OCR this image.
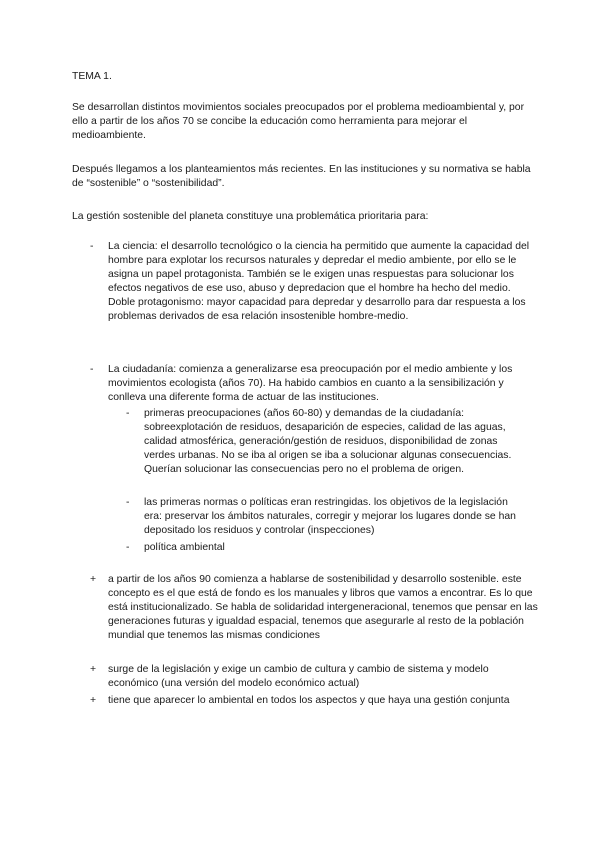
TEMA 1.

Se desarrollan distintos movimientos sociales preocupados por el problema medioambiental y, por ello a partir de los años 70 se concibe la educación como herramienta para mejorar el medioambiente.

Después llegamos a los planteamientos más recientes. En las instituciones y su normativa se habla de “sostenible” o “sostenibilidad”.

La gestión sostenible del planeta constituye una problemática prioritaria para:

-	La ciencia: el desarrollo tecnológico o la ciencia ha permitido que aumente la capacidad del hombre para explotar los recursos naturales y depredar el medio ambiente, por ello se le asigna un papel protagonista. También se le exigen unas respuestas para solucionar los efectos negativos de ese uso, abuso y depredacion que el hombre ha hecho del medio. Doble protagonismo: mayor capacidad para depredar y desarrollo para dar respuesta a los problemas derivados de esa relación insostenible hombre-medio.
-	La ciudadanía: comienza a generalizarse esa preocupación por el medio ambiente y los movimientos ecologista (años 70). Ha habido cambios en cuanto a la sensibilización y conlleva una diferente forma de actuar de las instituciones.
-	primeras preocupaciones (años 60-80) y demandas de la ciudadanía: sobreexplotación de residuos, desaparición de especies, calidad de las aguas, calidad atmosférica, generación/gestión de residuos, disponibilidad de zonas verdes urbanas. No se iba al origen se iba a solucionar algunas consecuencias. Querían solucionar las consecuencias pero no el problema de origen.
-	las primeras normas o políticas eran restringidas. los objetivos de la legislación era: preservar los ámbitos naturales, corregir y mejorar los lugares donde se han depositado los residuos y controlar (inspecciones)
-	política ambiental
+	a partir de los años 90 comienza a hablarse de sostenibilidad y desarrollo sostenible. este concepto es el que está de fondo es los manuales y libros que vamos a encontrar. Es lo que está institucionalizado. Se habla de solidaridad intergeneracional, tenemos que pensar en las generaciones futuras y igualdad espacial, tenemos que asegurarle al resto de la población mundial que tenemos las mismas condiciones
+	surge de la legislación y exige un cambio de cultura y cambio de sistema y modelo económico (una versión del modelo económico actual)
+	tiene que aparecer lo ambiental en todos los aspectos y que haya una gestión conjunta
